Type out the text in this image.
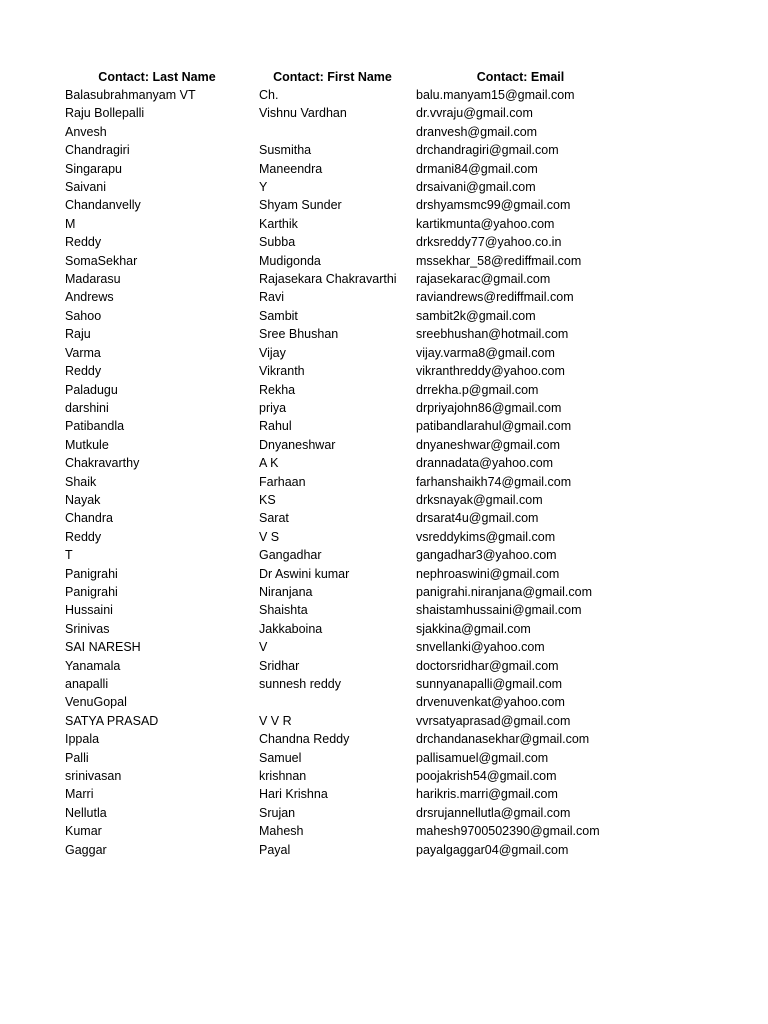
Contact: Last Name	Contact: First Name	Contact: Email
Balasubrahmanyam VT	Ch.	balu.manyam15@gmail.com
Raju Bollepalli	Vishnu Vardhan	dr.vvraju@gmail.com
Anvesh		dranvesh@gmail.com
Chandragiri	Susmitha	drchandragiri@gmail.com
Singarapu	Maneendra	drmani84@gmail.com
Saivani	Y	drsaivani@gmail.com
Chandanvelly	Shyam Sunder	drshyamsmc99@gmail.com
M	Karthik	kartikmunta@yahoo.com
Reddy	Subba	drksreddy77@yahoo.co.in
SomaSekhar	Mudigonda	mssekhar_58@rediffmail.com
Madarasu	Rajasekara Chakravarthi	rajasekarac@gmail.com
Andrews	Ravi	raviandrews@rediffmail.com
Sahoo	Sambit	sambit2k@gmail.com
Raju	Sree Bhushan	sreebhushan@hotmail.com
Varma	Vijay	vijay.varma8@gmail.com
Reddy	Vikranth	vikranthreddy@yahoo.com
Paladugu	Rekha	drrekha.p@gmail.com
darshini	priya	drpriyajohn86@gmail.com
Patibandla	Rahul	patibandlarahul@gmail.com
Mutkule	Dnyaneshwar	dnyaneshwar@gmail.com
Chakravarthy	A K	drannadata@yahoo.com
Shaik	Farhaan	farhanshaikh74@gmail.com
Nayak	KS	drksnayak@gmail.com
Chandra	Sarat	drsarat4u@gmail.com
Reddy	V S	vsreddykims@gmail.com
T	Gangadhar	gangadhar3@yahoo.com
Panigrahi	Dr Aswini kumar	nephroaswini@gmail.com
Panigrahi	Niranjana	panigrahi.niranjana@gmail.com
Hussaini	Shaishta	shaistamhussaini@gmail.com
Srinivas	Jakkaboina	sjakkina@gmail.com
SAI NARESH	V	snvellanki@yahoo.com
Yanamala	Sridhar	doctorsridhar@gmail.com
anapalli	sunnesh reddy	sunnyanapalli@gmail.com
VenuGopal		drvenuvenkat@yahoo.com
SATYA PRASAD	V V R	vvrsatyaprasad@gmail.com
Ippala	Chandna Reddy	drchandanasekhar@gmail.com
Palli	Samuel	pallisamuel@gmail.com
srinivasan	krishnan	poojakrish54@gmail.com
Marri	Hari Krishna	harikris.marri@gmail.com
Nellutla	Srujan	drsrujannellutla@gmail.com
Kumar	Mahesh	mahesh9700502390@gmail.com
Gaggar	Payal	payalgaggar04@gmail.com
